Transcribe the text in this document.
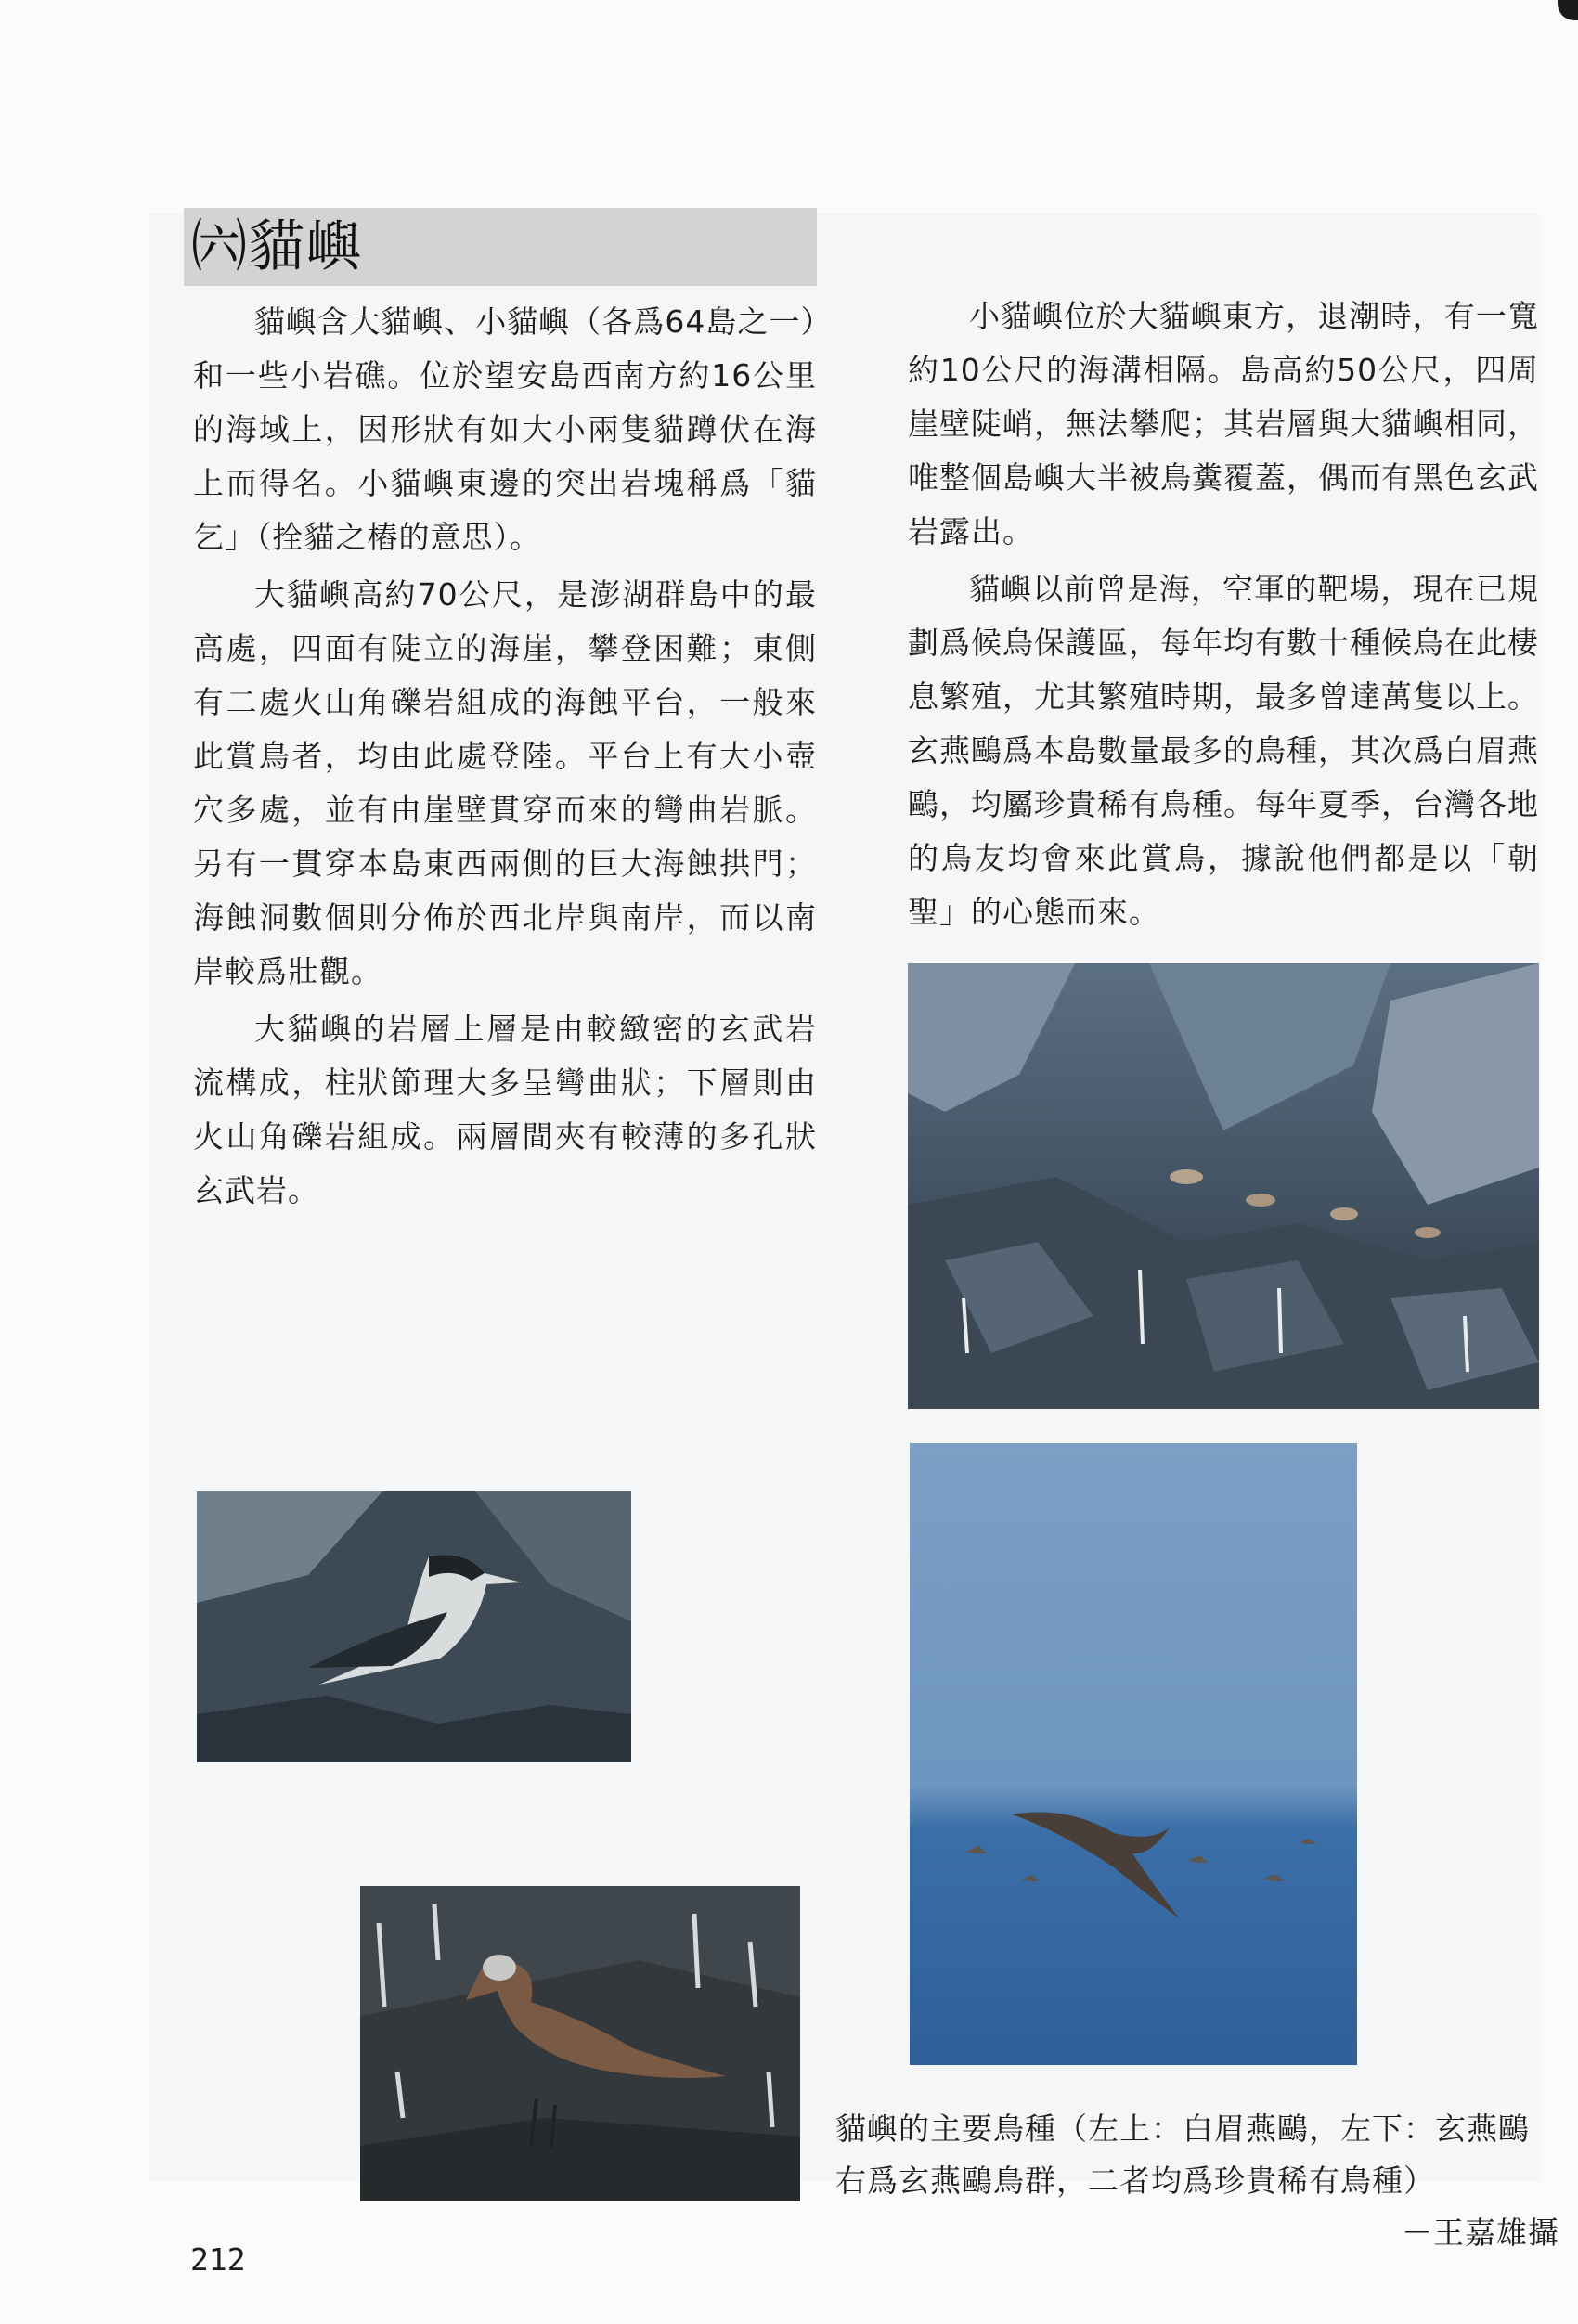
㈥貓嶼

貓嶼含大貓嶼、小貓嶼（各爲64島之一）和一些小岩礁。位於望安島西南方約16公里的海域上，因形狀有如大小兩隻貓蹲伏在海上而得名。小貓嶼東邊的突出岩塊稱爲「貓乞」（拴貓之樁的意思）。

大貓嶼高約70公尺，是澎湖群島中的最高處，四面有陡立的海崖，攀登困難；東側有二處火山角礫岩組成的海蝕平台，一般來此賞鳥者，均由此處登陸。平台上有大小壺穴多處，並有由崖壁貫穿而來的彎曲岩脈。另有一貫穿本島東西兩側的巨大海蝕拱門；海蝕洞數個則分佈於西北岸與南岸，而以南岸較爲壯觀。

大貓嶼的岩層上層是由較緻密的玄武岩流構成，柱狀節理大多呈彎曲狀；下層則由火山角礫岩組成。兩層間夾有較薄的多孔狀玄武岩。

小貓嶼位於大貓嶼東方，退潮時，有一寬約10公尺的海溝相隔。島高約50公尺，四周崖壁陡峭，無法攀爬；其岩層與大貓嶼相同，唯整個島嶼大半被鳥糞覆蓋，偶而有黑色玄武岩露出。

貓嶼以前曾是海，空軍的靶場，現在已規劃爲候鳥保護區，每年均有數十種候鳥在此棲息繁殖，尤其繁殖時期，最多曾達萬隻以上。玄燕鷗爲本島數量最多的鳥種，其次爲白眉燕鷗，均屬珍貴稀有鳥種。每年夏季，台灣各地的鳥友均會來此賞鳥，據說他們都是以「朝聖」的心態而來。

貓嶼的主要鳥種（左上：白眉燕鷗，左下：玄燕鷗
右爲玄燕鷗鳥群，二者均爲珍貴稀有鳥種）
－王嘉雄攝
212
